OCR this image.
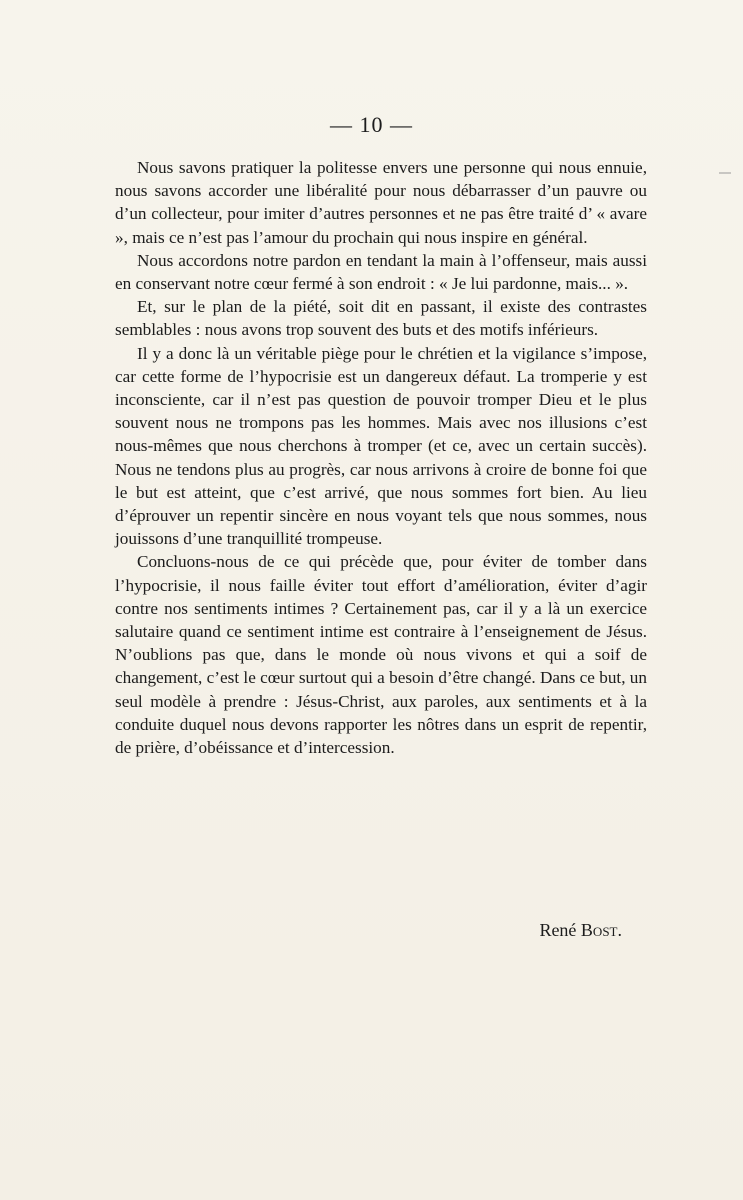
— 10 —

Nous savons pratiquer la politesse envers une personne qui nous ennuie, nous savons accorder une libéralité pour nous débarrasser d’un pauvre ou d’un collecteur, pour imiter d’autres personnes et ne pas être traité d’ « avare », mais ce n’est pas l’amour du prochain qui nous inspire en général.

Nous accordons notre pardon en tendant la main à l’offenseur, mais aussi en conservant notre cœur fermé à son endroit : « Je lui pardonne, mais... ».

Et, sur le plan de la piété, soit dit en passant, il existe des contrastes semblables : nous avons trop souvent des buts et des motifs inférieurs.

Il y a donc là un véritable piège pour le chrétien et la vigilance s’impose, car cette forme de l’hypocrisie est un dangereux défaut. La tromperie y est inconsciente, car il n’est pas question de pouvoir tromper Dieu et le plus souvent nous ne trompons pas les hommes. Mais avec nos illusions c’est nous-mêmes que nous cherchons à tromper (et ce, avec un certain succès). Nous ne tendons plus au progrès, car nous arrivons à croire de bonne foi que le but est atteint, que c’est arrivé, que nous sommes fort bien. Au lieu d’éprouver un repentir sincère en nous voyant tels que nous sommes, nous jouissons d’une tranquillité trompeuse.

Concluons-nous de ce qui précède que, pour éviter de tomber dans l’hypocrisie, il nous faille éviter tout effort d’amélioration, éviter d’agir contre nos sentiments intimes ? Certainement pas, car il y a là un exercice salutaire quand ce sentiment intime est contraire à l’enseignement de Jésus. N’oublions pas que, dans le monde où nous vivons et qui a soif de changement, c’est le cœur surtout qui a besoin d’être changé. Dans ce but, un seul modèle à prendre : Jésus-Christ, aux paroles, aux sentiments et à la conduite duquel nous devons rapporter les nôtres dans un esprit de repentir, de prière, d’obéissance et d’intercession.

René Bost.
